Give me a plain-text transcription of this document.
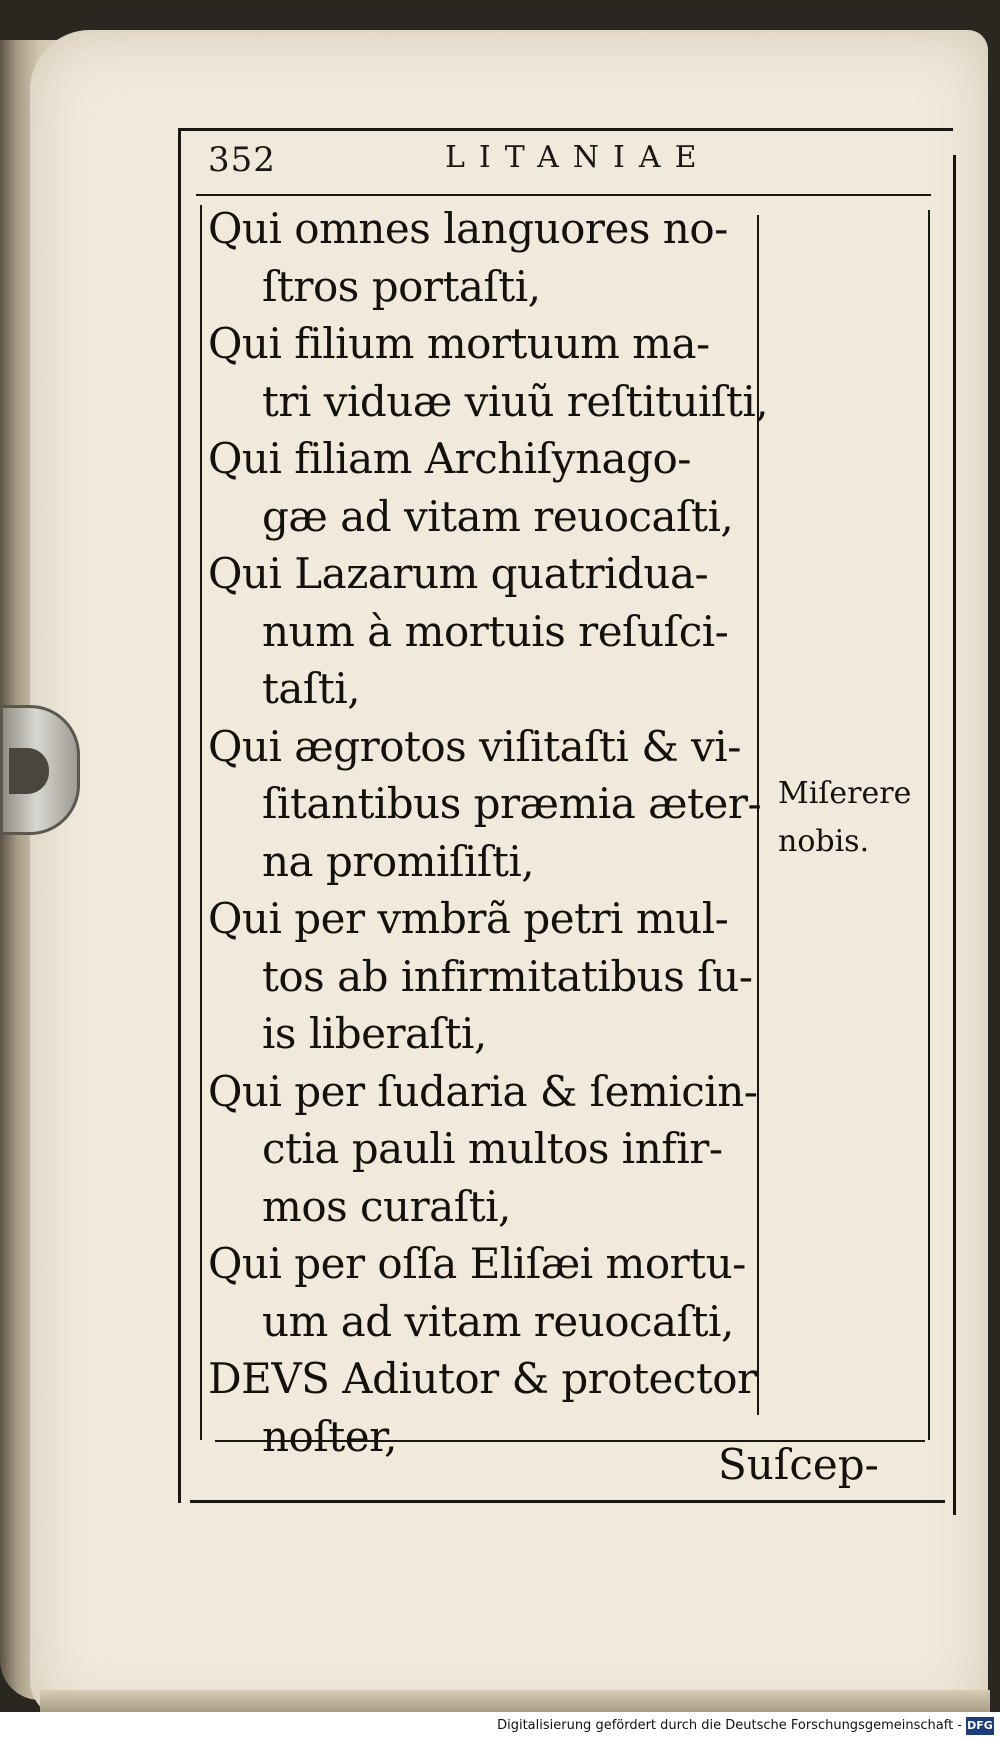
352	LITANIAE
Qui omnes languores no-
ſtros portaſti,
Qui filium mortuum ma-
tri viduæ viuũ reſtituiſti,
Qui filiam Archiſynago-
gæ ad vitam reuocaſti,
Qui Lazarum quatridua-
num à mortuis reſuſci-
taſti,
Qui ægrotos viſitaſti & vi-
ſitantibus præmia æter-
na promiſiſti,
Qui per vmbrã petri mul-
tos ab infirmitatibus ſu-
is liberaſti,
Qui per ſudaria & ſemicin-
ctia pauli multos infir-
mos curaſti,
Qui per oſſa Eliſæi mortu-
um ad vitam reuocaſti,
DEVS Adiutor & protector
noſter,
Miſerere
nobis.
Suſcep-
Digitalisierung gefördert durch die Deutsche Forschungsgemeinschaft - DFG
